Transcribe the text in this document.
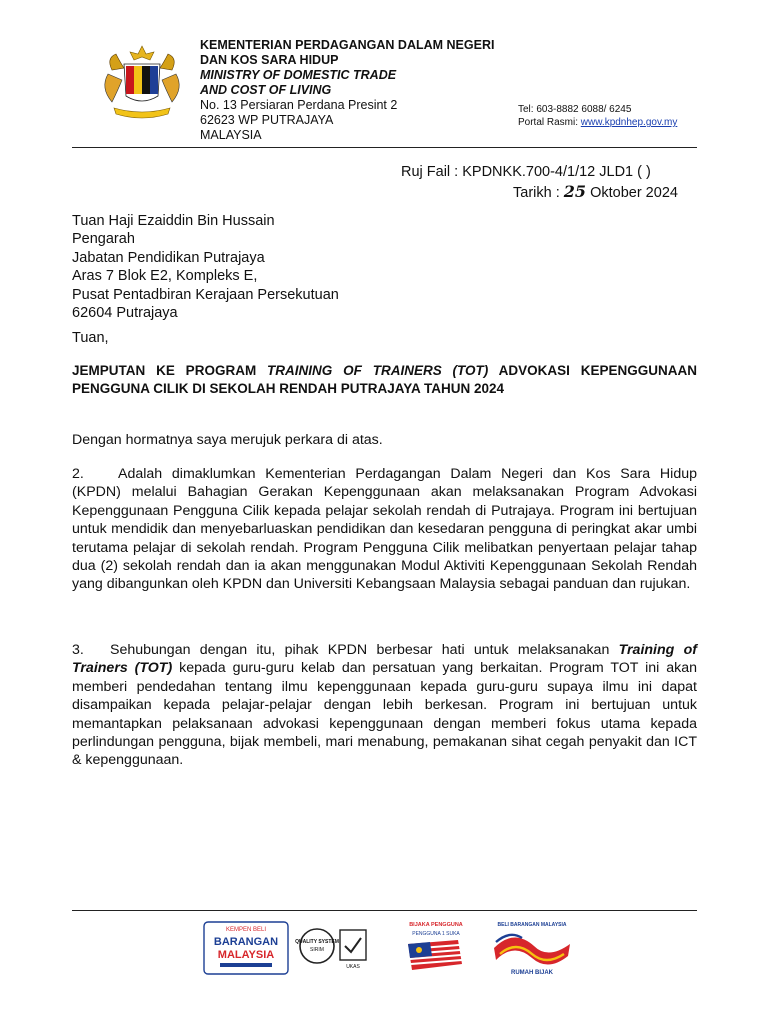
KEMENTERIAN PERDAGANGAN DALAM NEGERI
DAN KOS SARA HIDUP
MINISTRY OF DOMESTIC TRADE
AND COST OF LIVING
No. 13 Persiaran Perdana Presint 2
62623 WP PUTRAJAYA
MALAYSIA
Tel: 603-8882 6088/ 6245
Portal Rasmi: www.kpdnhep.gov.my
Ruj Fail : KPDNKK.700-4/1/12 JLD1 ( )
Tarikh : 25 Oktober 2024
Tuan Haji Ezaiddin Bin Hussain
Pengarah
Jabatan Pendidikan Putrajaya
Aras 7 Blok E2, Kompleks E,
Pusat Pentadbiran Kerajaan Persekutuan
62604 Putrajaya
Tuan,
JEMPUTAN KE PROGRAM TRAINING OF TRAINERS (TOT) ADVOKASI KEPENGGUNAAN PENGGUNA CILIK DI SEKOLAH RENDAH PUTRAJAYA TAHUN 2024
Dengan hormatnya saya merujuk perkara di atas.
2. Adalah dimaklumkan Kementerian Perdagangan Dalam Negeri dan Kos Sara Hidup (KPDN) melalui Bahagian Gerakan Kepenggunaan akan melaksanakan Program Advokasi Kepenggunaan Pengguna Cilik kepada pelajar sekolah rendah di Putrajaya. Program ini bertujuan untuk mendidik dan menyebarluaskan pendidikan dan kesedaran pengguna di peringkat akar umbi terutama pelajar di sekolah rendah. Program Pengguna Cilik melibatkan penyertaan pelajar tahap dua (2) sekolah rendah dan ia akan menggunakan Modul Aktiviti Kepenggunaan Sekolah Rendah yang dibangunkan oleh KPDN dan Universiti Kebangsaan Malaysia sebagai panduan dan rujukan.
3. Sehubungan dengan itu, pihak KPDN berbesar hati untuk melaksanakan Training of Trainers (TOT) kepada guru-guru kelab dan persatuan yang berkaitan. Program TOT ini akan memberi pendedahan tentang ilmu kepenggunaan kepada guru-guru supaya ilmu ini dapat disampaikan kepada pelajar-pelajar dengan lebih berkesan. Program ini bertujuan untuk memantapkan pelaksanaan advokasi kepenggunaan dengan memberi fokus utama kepada perlindungan pengguna, bijak membeli, mari menabung, pemakanan sihat cegah penyakit dan ICT & kepenggunaan.
KEMPEN BELI
BARANGAN
MALAYSIA
QUALITY SYSTEM
SIRIM
UKAS
BIJAKA PENGGUNA
PENGGUNA 1 SUKA
BELI BARANGAN MALAYSIA
RUMAH BIJAK
